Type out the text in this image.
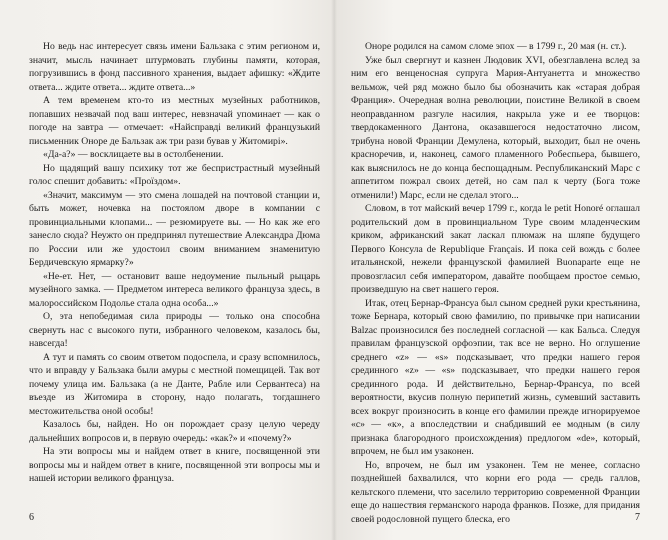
Но ведь нас интересует связь имени Бальзака с этим регионом и, значит, мысль начинает штурмовать глубины памяти, которая, погрузившись в фонд пассивного хранения, выдает афишку: «Ждите ответа... ждите ответа... ждите ответа...»

А тем временем кто-то из местных музейных работников, попавших незвачай под ваш интерес, невзначай упоминает — как о погоде на завтра — отмечает: «Найсправді великий французький письменник Оноре де Бальзак аж три рази бував у Житомирі».

«Да-а?» — восклицаете вы в остолбенении.

Но щадящий вашу психику тот же беспристрастный музейный голос спешит добавить: «Проїздом».

«Значит, максимум — это смена лошадей на почтовой станции и, быть может, ночевка на постоялом дворе в компании с провинциальными клопами... — резюмируете вы. — Но как же его занесло сюда? Неужто он предпринял путешествие Александра Дюма по России или же удостоил своим вниманием знаменитую Бердичевскую ярмарку?»

«Не-ет. Нет, — остановит ваше недоумение пыльный рыцарь музейного замка. — Предметом интереса великого француза здесь, в малороссийском Подолье стала одна особа...»

О, эта непобедимая сила природы — только она способна свернуть нас с высокого пути, избранного человеком, казалось бы, навсегда!

А тут и память со своим ответом подоспела, и сразу вспомнилось, что и вправду у Бальзака были амуры с местной помещицей. Так вот почему улица им. Бальзака (а не Данте, Рабле или Сервантеса) на въезде из Житомира в сторону, надо полагать, тогдашнего местожительства оной особы!

Казалось бы, найден. Но он порождает сразу целую череду дальнейших вопросов и, в первую очередь: «как?» и «почему?»

На эти вопросы мы и найдем ответ в книге, посвященной эти вопросы мы и найдем ответ в книге, посвященной эти вопросы мы и нашей истории великого француза.

6

Оноре родился на самом сломе эпох — в 1799 г., 20 мая (н. ст.).

Уже был свергнут и казнен Людовик XVI, обезглавлена вслед за ним его венценосная супруга Мария-Антуанетта и множество вельмож, чей ряд можно было бы обозначить как «старая добрая Франция». Очередная волна революции, поистине Великой в своем неоправданном разгуле насилия, накрыла уже и ее творцов: твердокаменного Дантона, оказавшегося недостаточно лисом, трибуна новой Франции Демулена, который, выходит, был не очень красноречив, и, наконец, самого пламенного Робеспьера, бывшего, как выяснилось не до конца беспощадным. Республиканский Марс с аппетитом пожрал своих детей, но сам пал к черту (Бога тоже отменили!) Марс, если не сделал этого...

Словом, в тот майский вечер 1799 г., когда le petit Honoré оглашал родительский дом в провинциальном Туре своим младенческим криком, африканский закат ласкал плюмаж на шляпе будущего Первого Консула de Republique Français. И пока сей вождь с более итальянской, нежели французской фамилией Buonaparte еще не провозгласил себя императором, давайте пообщаем простое семью, произведшую на свет нашего героя.

Итак, отец Бернар-Франсуа был сыном средней руки крестьянина, тоже Бернара, который свою фамилию, по привычке при написании Balzac произносился без последней согласной — как Бальса. Следуя правилам французской орфоэпии, так все не верно. Но оглушение среднего «z» — «s» подсказывает, что предки нашего героя срединного «z» — «s» подсказывает, что предки нашего героя срединного рода. И действительно, Бернар-Франсуа, по всей вероятности, вкусив полную перипетий жизнь, сумевший заставить всех вокруг произносить в конце его фамилии прежде игнорируемое «c» — «к», а впоследствии и снабдивший ее модным (в силу признака благородного происхождения) предлогом «de», который, впрочем, не был им узаконен.

Но, впрочем, не был им узаконен. Тем не менее, согласно позднейшей бахвалился, что корни его рода — средь галлов, кельтского племени, что заселило территорию современной Франции еще до нашествия германского народа франков. Позже, для придания своей родословной пущего блеска, его	7
